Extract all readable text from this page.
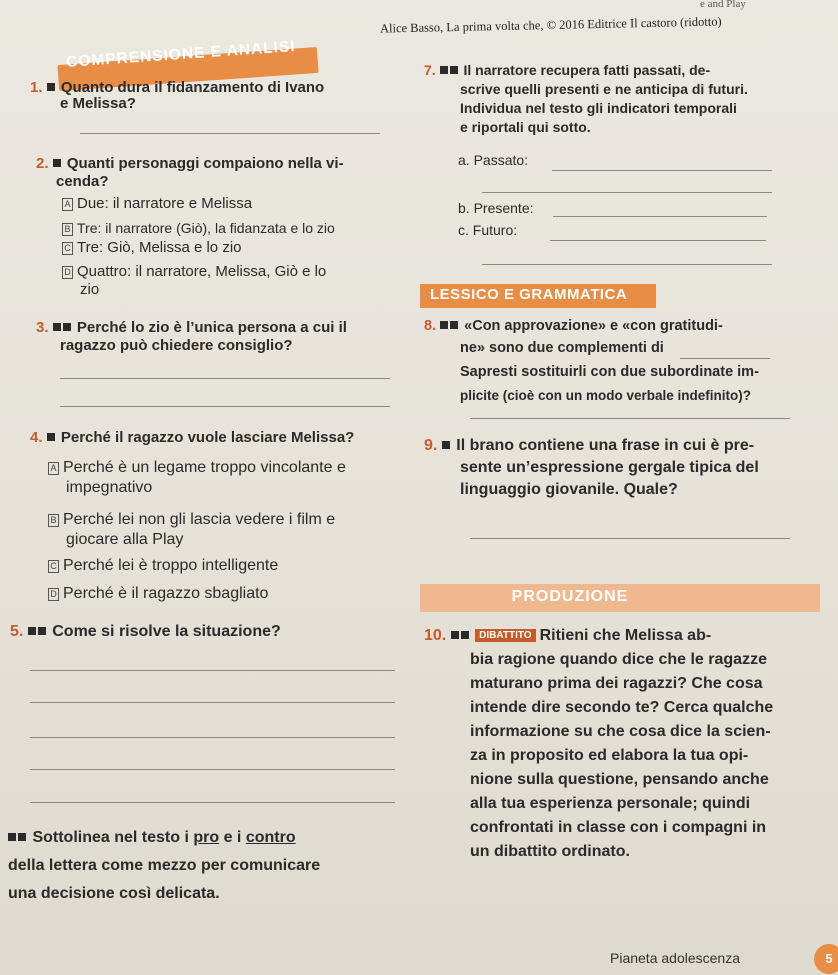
e and Play
Alice Basso, La prima volta che, © 2016 Editrice Il castoro (ridotto)
COMPRENSIONE E ANALISI
1. Quanto dura il fidanzamento di Ivano
e Melissa?
2. Quanti personaggi compaiono nella vi-
cenda?
A Due: il narratore e Melissa
B Tre: il narratore (Giò), la fidanzata e lo zio
C Tre: Giò, Melissa e lo zio
D Quattro: il narratore, Melissa, Giò e lo
zio
3. Perché lo zio è l’unica persona a cui il
ragazzo può chiedere consiglio?
4. Perché il ragazzo vuole lasciare Melissa?
A Perché è un legame troppo vincolante e
impegnativo
B Perché lei non gli lascia vedere i film e
giocare alla Play
C Perché lei è troppo intelligente
D Perché è il ragazzo sbagliato
5. Come si risolve la situazione?
Sottolinea nel testo i pro e i contro
della lettera come mezzo per comunicare
una decisione così delicata.
7. Il narratore recupera fatti passati, de-
scrive quelli presenti e ne anticipa di futuri.
Individua nel testo gli indicatori temporali
e riportali qui sotto.
a. Passato:
b. Presente:
c. Futuro:
LESSICO E GRAMMATICA
8. «Con approvazione» e «con gratitudi-
ne» sono due complementi di
Sapresti sostituirli con due subordinate im-
plicite (cioè con un modo verbale indefinito)?
9. Il brano contiene una frase in cui è pre-
sente un’espressione gergale tipica del
linguaggio giovanile. Quale?
PRODUZIONE
10.	DIBATTITO Ritieni che Melissa ab-
bia ragione quando dice che le ragazze
maturano prima dei ragazzi? Che cosa
intende dire secondo te? Cerca qualche
informazione su che cosa dice la scien-
za in proposito ed elabora la tua opi-
nione sulla questione, pensando anche
alla tua esperienza personale; quindi
confrontati in classe con i compagni in
un dibattito ordinato.
Pianeta adolescenza	5
